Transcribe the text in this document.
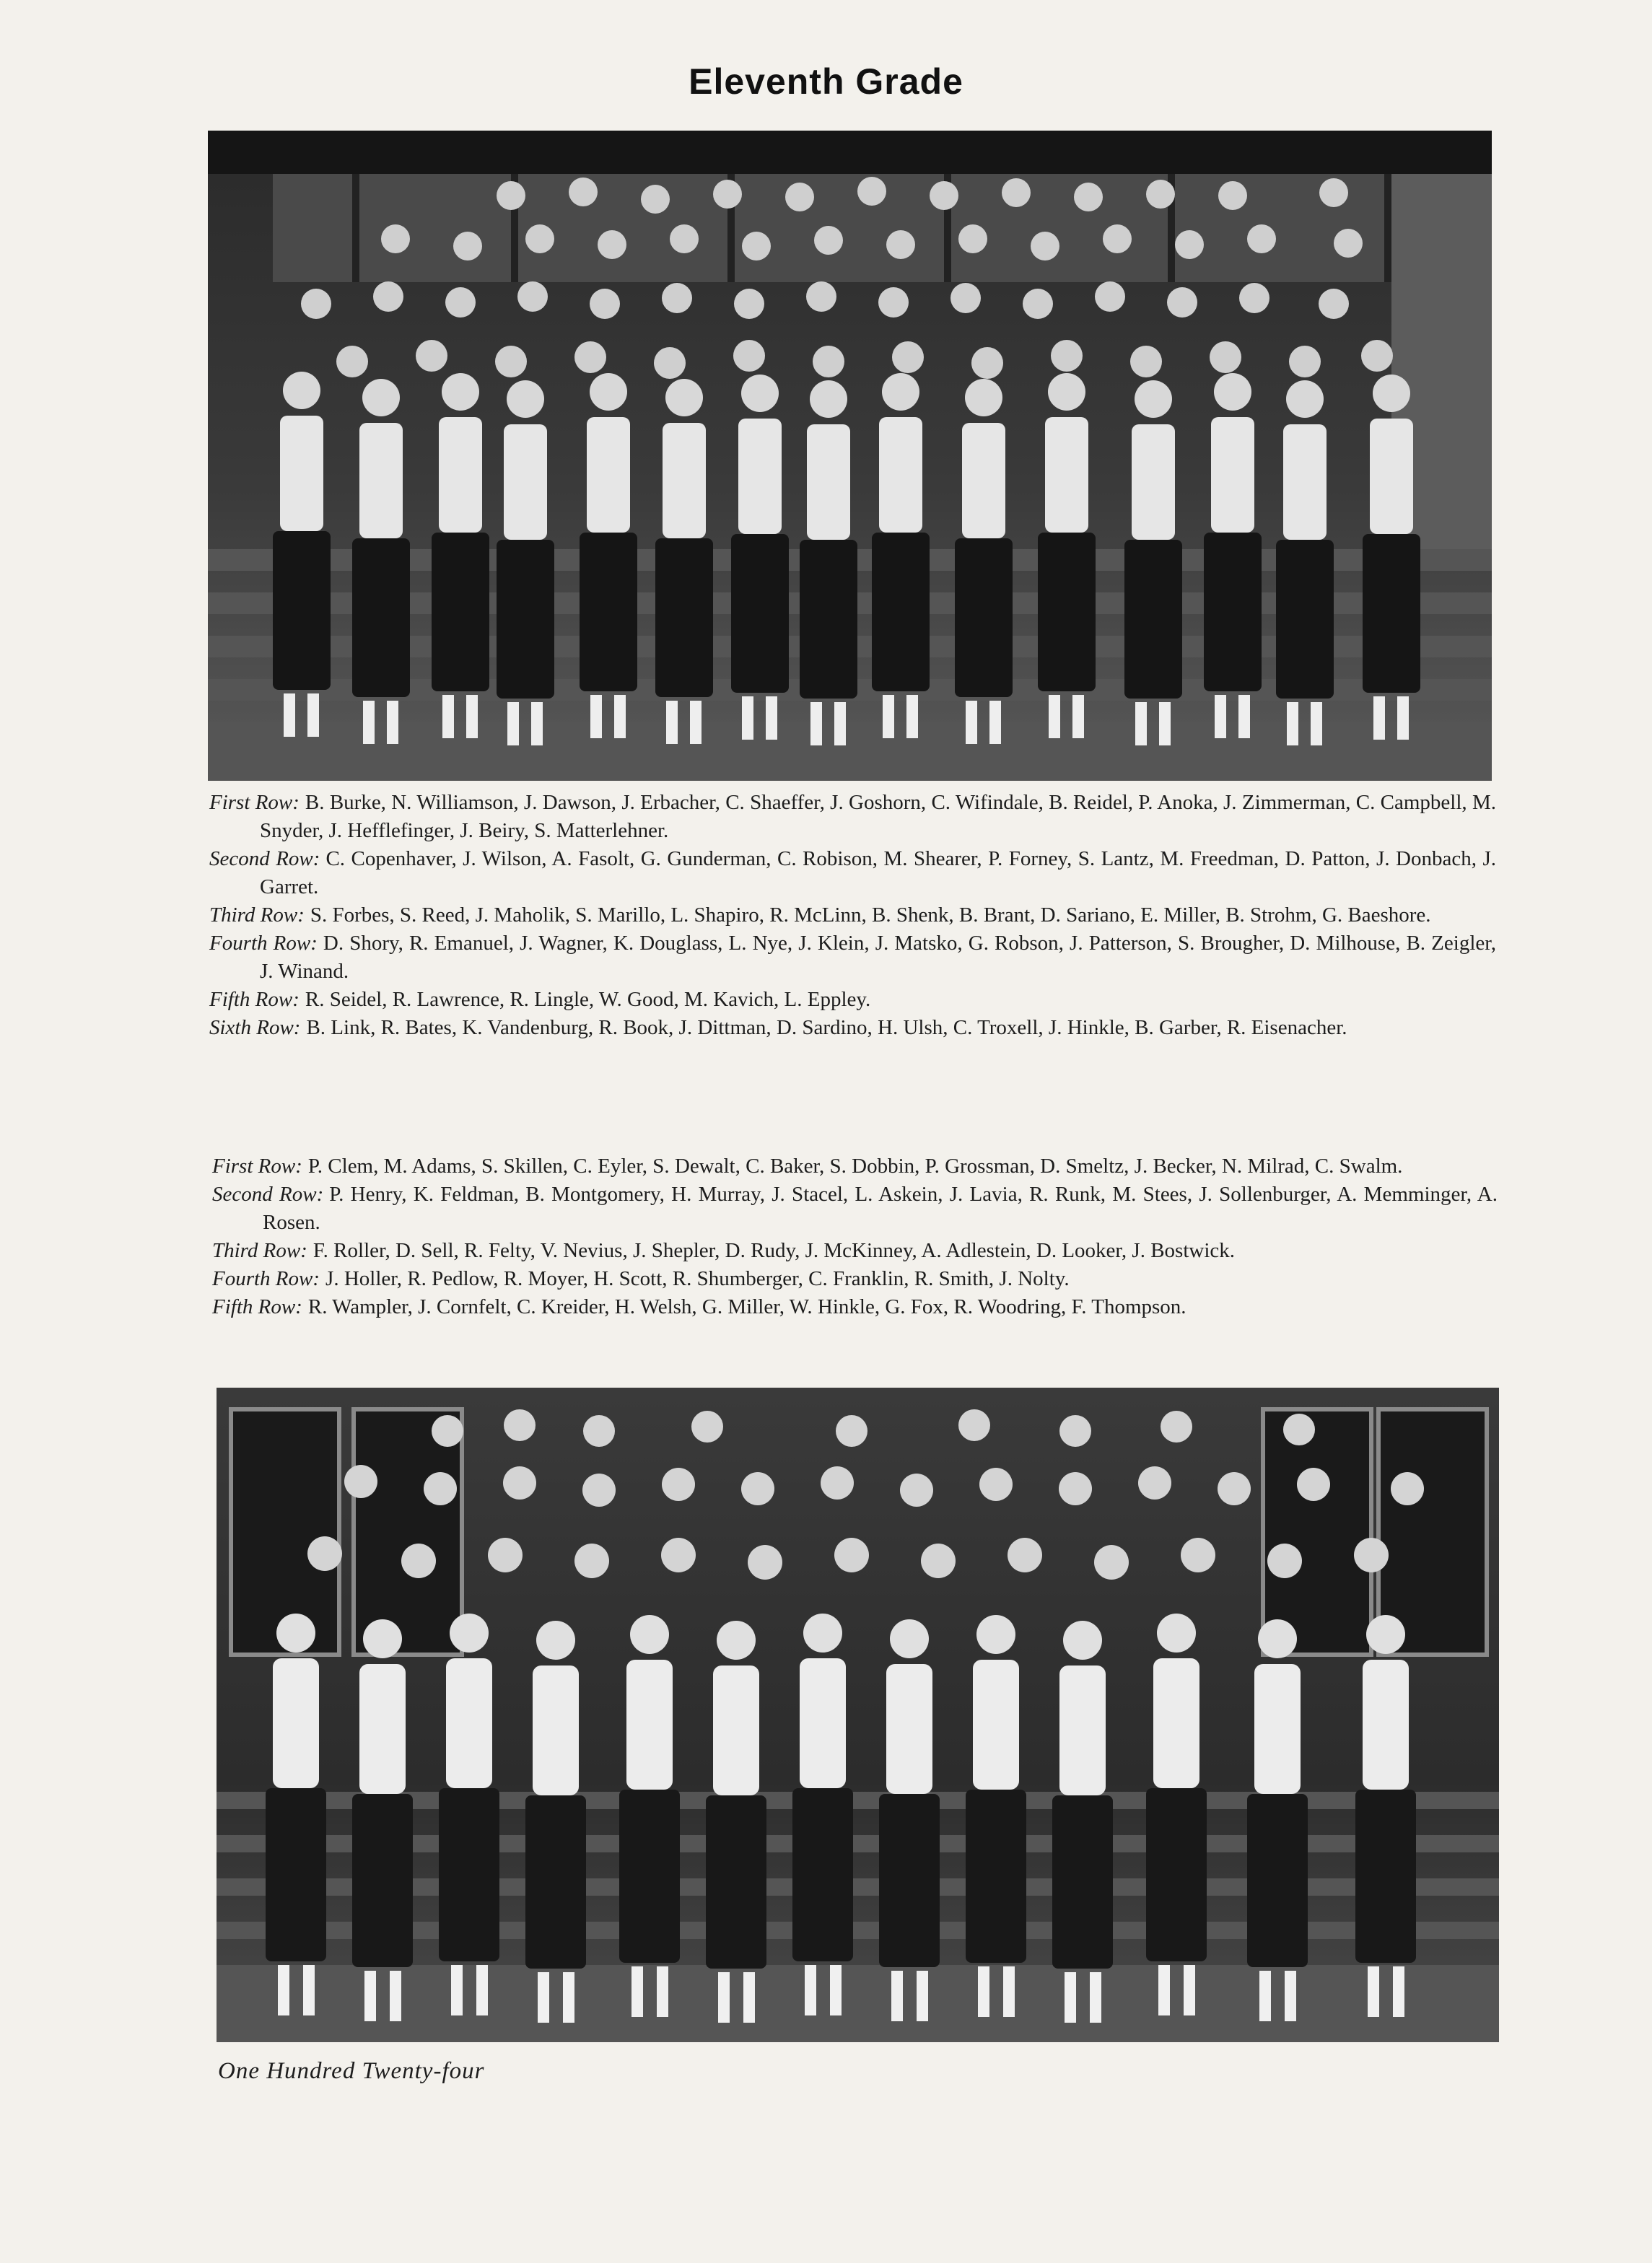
Eleventh Grade

First Row: B. Burke, N. Williamson, J. Dawson, J. Erbacher, C. Shaeffer, J. Goshorn, C. Wifindale, B. Reidel, P. Anoka, J. Zimmerman, C. Campbell, M. Snyder, J. Hefflefinger, J. Beiry, S. Matterlehner.

Second Row: C. Copenhaver, J. Wilson, A. Fasolt, G. Gunderman, C. Robison, M. Shearer, P. Forney, S. Lantz, M. Freedman, D. Patton, J. Donbach, J. Garret.

Third Row: S. Forbes, S. Reed, J. Maholik, S. Marillo, L. Shapiro, R. McLinn, B. Shenk, B. Brant, D. Sariano, E. Miller, B. Strohm, G. Baeshore.

Fourth Row: D. Shory, R. Emanuel, J. Wagner, K. Douglass, L. Nye, J. Klein, J. Matsko, G. Robson, J. Patterson, S. Brougher, D. Milhouse, B. Zeigler, J. Winand.

Fifth Row: R. Seidel, R. Lawrence, R. Lingle, W. Good, M. Kavich, L. Eppley.

Sixth Row: B. Link, R. Bates, K. Vandenburg, R. Book, J. Dittman, D. Sardino, H. Ulsh, C. Troxell, J. Hinkle, B. Garber, R. Eisenacher.

First Row: P. Clem, M. Adams, S. Skillen, C. Eyler, S. Dewalt, C. Baker, S. Dobbin, P. Grossman, D. Smeltz, J. Becker, N. Milrad, C. Swalm.

Second Row: P. Henry, K. Feldman, B. Montgomery, H. Murray, J. Stacel, L. Askein, J. Lavia, R. Runk, M. Stees, J. Sollenburger, A. Memminger, A. Rosen.

Third Row: F. Roller, D. Sell, R. Felty, V. Nevius, J. Shepler, D. Rudy, J. McKinney, A. Adlestein, D. Looker, J. Bostwick.

Fourth Row: J. Holler, R. Pedlow, R. Moyer, H. Scott, R. Shumberger, C. Franklin, R. Smith, J. Nolty.

Fifth Row: R. Wampler, J. Cornfelt, C. Kreider, H. Welsh, G. Miller, W. Hinkle, G. Fox, R. Woodring, F. Thompson.

One Hundred Twenty-four
